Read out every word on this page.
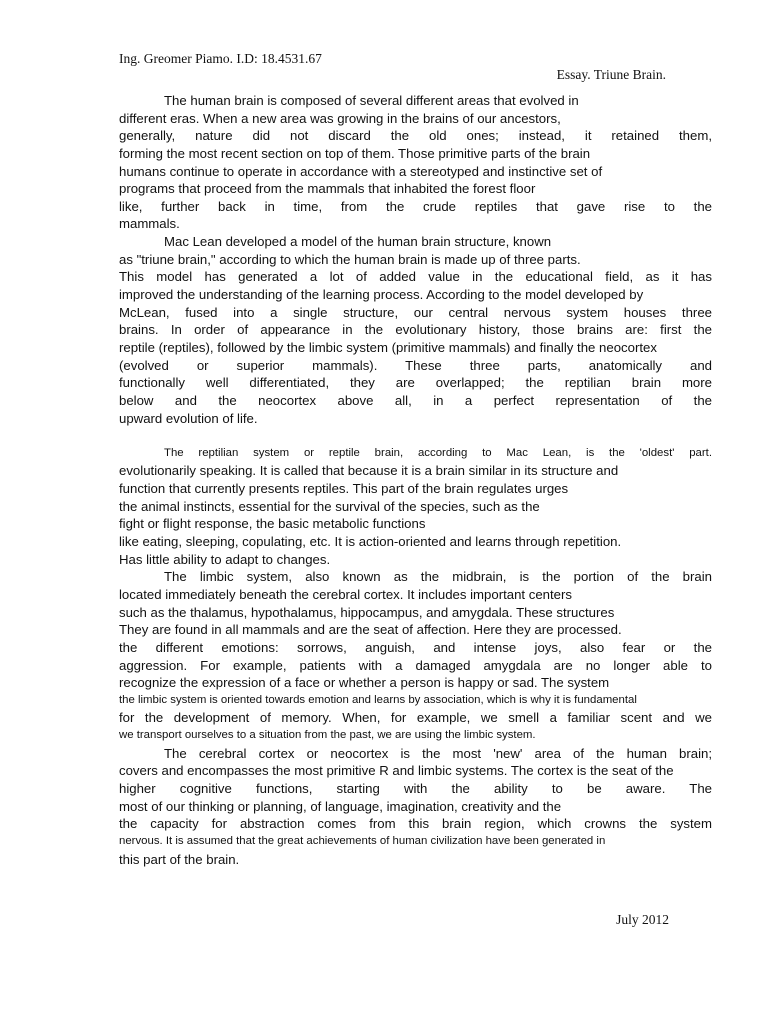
Ing. Greomer Piamo. I.D: 18.4531.67
Essay. Triune Brain.
The human brain is composed of several different areas that evolved in
different eras. When a new area was growing in the brains of our ancestors,
generally, nature did not discard the old ones; instead, it retained them,
forming the most recent section on top of them. Those primitive parts of the brain
humans continue to operate in accordance with a stereotyped and instinctive set of
programs that proceed from the mammals that inhabited the forest floor
like, further back in time, from the crude reptiles that gave rise to the
mammals.
Mac Lean developed a model of the human brain structure, known
as "triune brain," according to which the human brain is made up of three parts.
This model has generated a lot of added value in the educational field, as it has
improved the understanding of the learning process. According to the model developed by
McLean, fused into a single structure, our central nervous system houses three
brains. In order of appearance in the evolutionary history, those brains are: first the
reptile (reptiles), followed by the limbic system (primitive mammals) and finally the neocortex
(evolved or superior mammals). These three parts, anatomically and
functionally well differentiated, they are overlapped; the reptilian brain more
below and the neocortex above all, in a perfect representation of the
upward evolution of life.
The reptilian system or reptile brain, according to Mac Lean, is the 'oldest' part.
evolutionarily speaking. It is called that because it is a brain similar in its structure and
function that currently presents reptiles. This part of the brain regulates urges
the animal instincts, essential for the survival of the species, such as the
fight or flight response, the basic metabolic functions
like eating, sleeping, copulating, etc. It is action-oriented and learns through repetition.
Has little ability to adapt to changes.
The limbic system, also known as the midbrain, is the portion of the brain
located immediately beneath the cerebral cortex. It includes important centers
such as the thalamus, hypothalamus, hippocampus, and amygdala. These structures
They are found in all mammals and are the seat of affection. Here they are processed.
the different emotions: sorrows, anguish, and intense joys, also fear or the
aggression. For example, patients with a damaged amygdala are no longer able to
recognize the expression of a face or whether a person is happy or sad. The system
the limbic system is oriented towards emotion and learns by association, which is why it is fundamental
for the development of memory. When, for example, we smell a familiar scent and we
we transport ourselves to a situation from the past, we are using the limbic system.
The cerebral cortex or neocortex is the most 'new' area of the human brain;
covers and encompasses the most primitive R and limbic systems. The cortex is the seat of the
higher cognitive functions, starting with the ability to be aware. The
most of our thinking or planning, of language, imagination, creativity and the
the capacity for abstraction comes from this brain region, which crowns the system
nervous. It is assumed that the great achievements of human civilization have been generated in
this part of the brain.
July 2012
